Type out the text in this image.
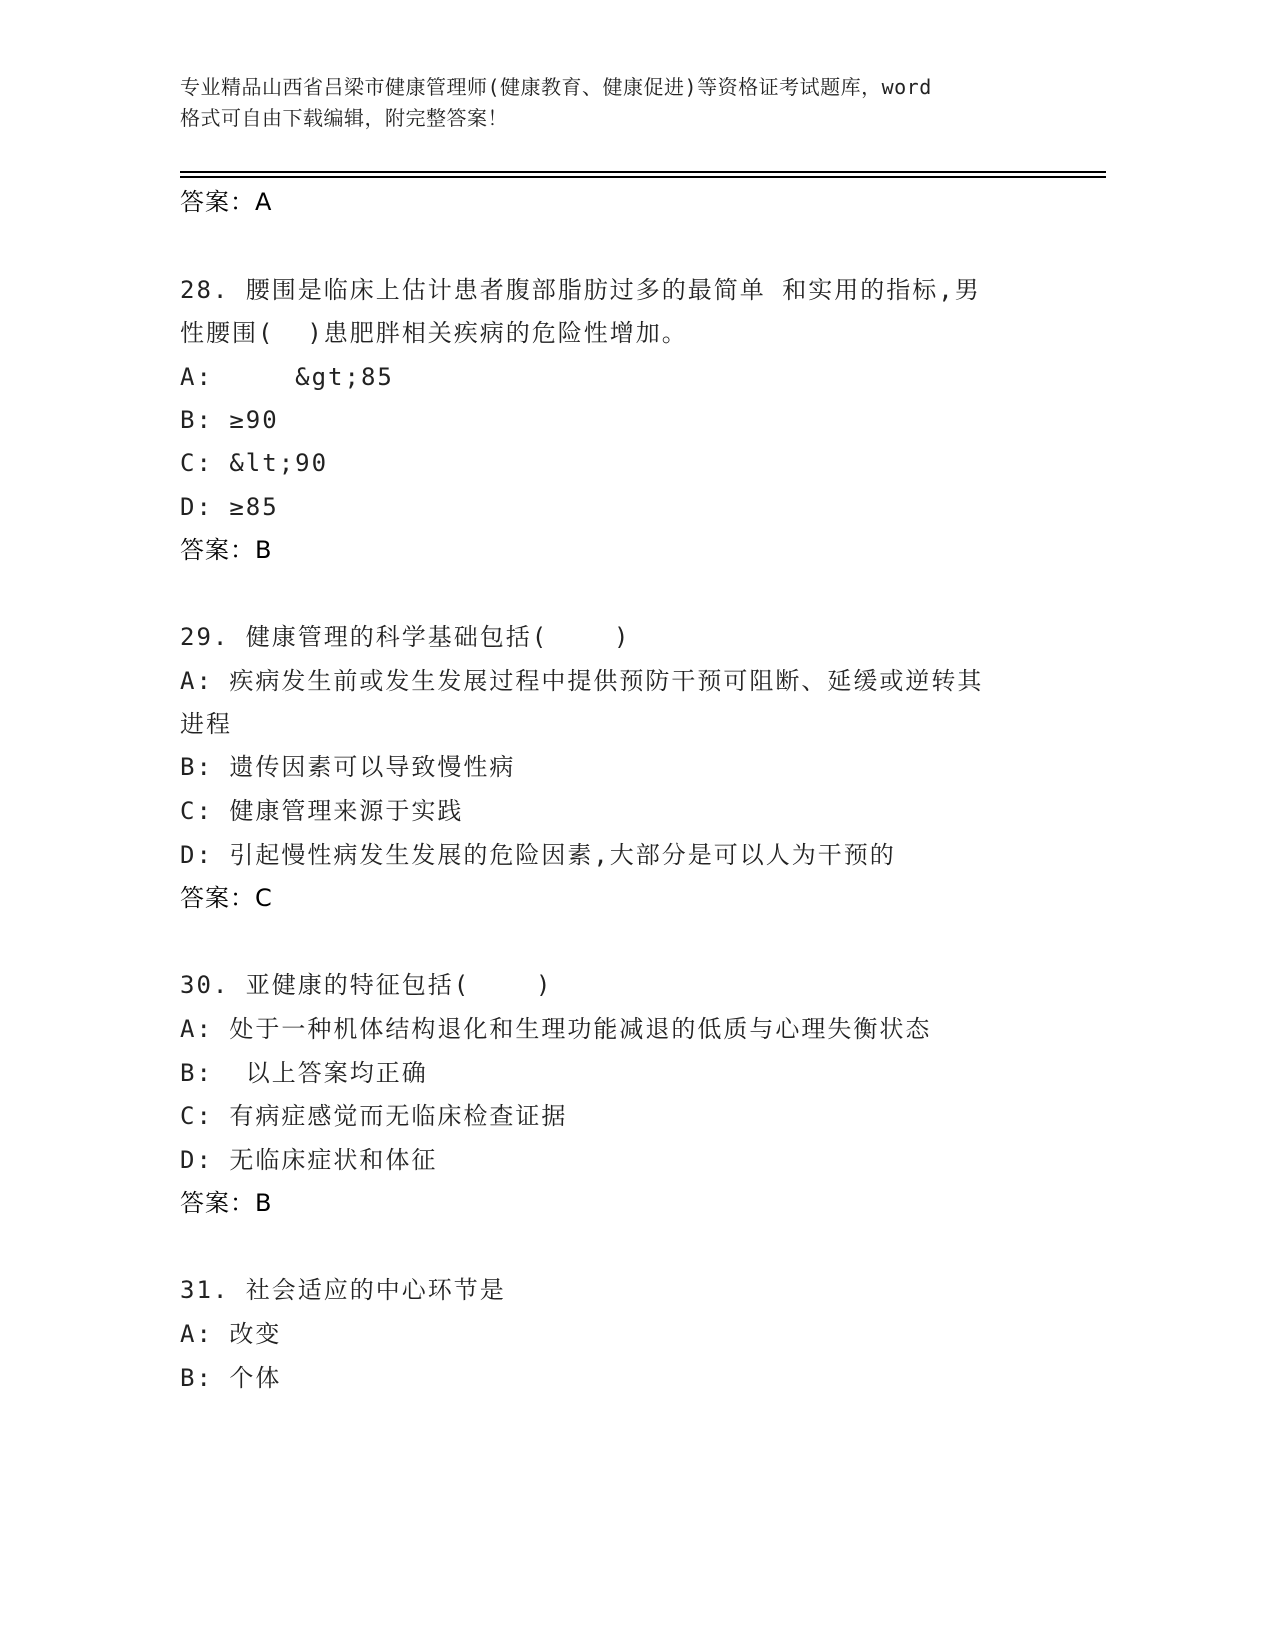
专业精品山西省吕梁市健康管理师(健康教育、健康促进)等资格证考试题库，word
格式可自由下载编辑，附完整答案！
答案：A
28. 腰围是临床上估计患者腹部脂肪过多的最简单 和实用的指标,男
性腰围(  )患肥胖相关疾病的危险性增加。
A:     &gt;85
B: ≥90
C: &lt;90
D: ≥85
答案：B
29. 健康管理的科学基础包括(    )
A: 疾病发生前或发生发展过程中提供预防干预可阻断、延缓或逆转其
进程
B: 遗传因素可以导致慢性病
C: 健康管理来源于实践
D: 引起慢性病发生发展的危险因素,大部分是可以人为干预的
答案：C
30. 亚健康的特征包括(    )
A: 处于一种机体结构退化和生理功能减退的低质与心理失衡状态
B:  以上答案均正确
C: 有病症感觉而无临床检查证据
D: 无临床症状和体征
答案：B
31. 社会适应的中心环节是
A: 改变
B: 个体
